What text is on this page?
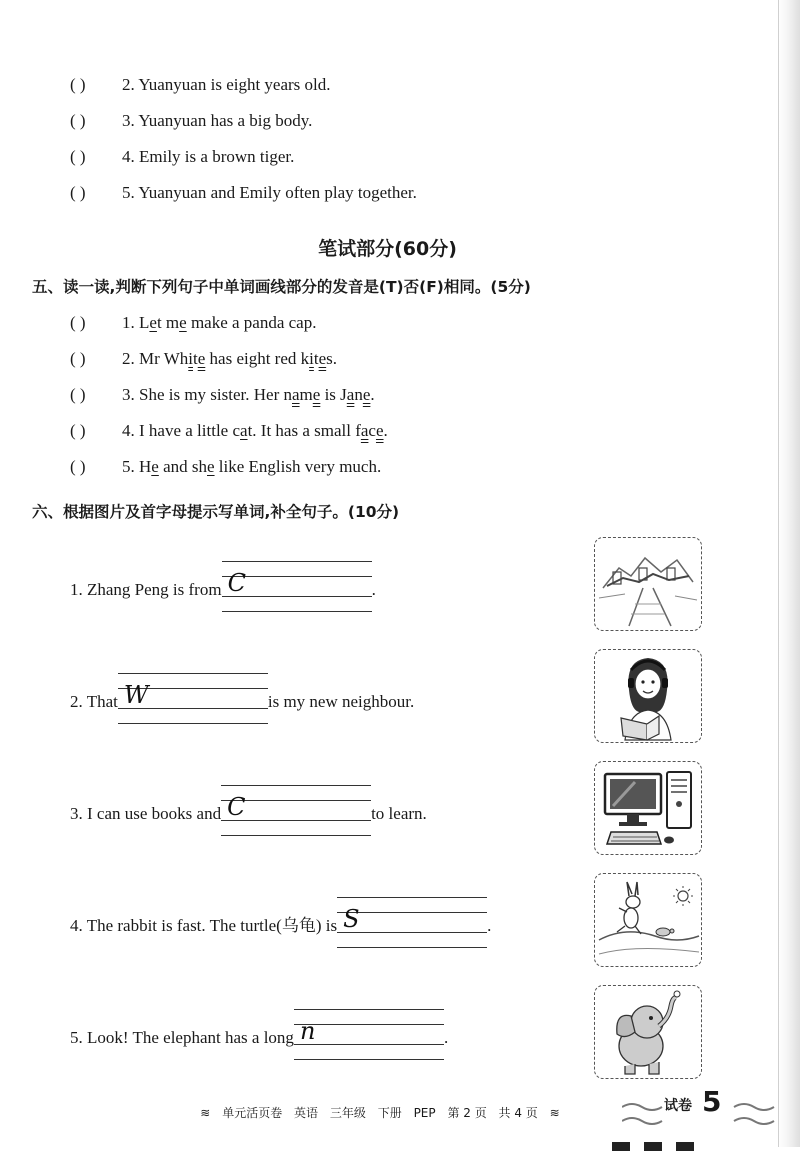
( ) 2. Yuanyuan is eight years old.
( ) 3. Yuanyuan has a big body.
( ) 4. Emily is a brown tiger.
( ) 5. Yuanyuan and Emily often play together.
笔试部分(60分)
五、读一读,判断下列句子中单词画线部分的发音是(T)否(F)相同。(5分)
( ) 1. Let me make a panda cap.
( ) 2. Mr White has eight red kites.
( ) 3. She is my sister. Her name is Jane.
( ) 4. I have a little cat. It has a small face.
( ) 5. He and she like English very much.
六、根据图片及首字母提示写单词,补全句子。(10分)
1. Zhang Peng is from C	.
2. That W	is my new neighbour.
3. I can use books and C	to learn.
4. The rabbit is fast. The turtle(乌龟) is S	.
5. Look! The elephant has a long n	.
≋ 单元活页卷 英语 三年级 下册 PEP 第 2 页 共 4 页 ≋	试卷 5
